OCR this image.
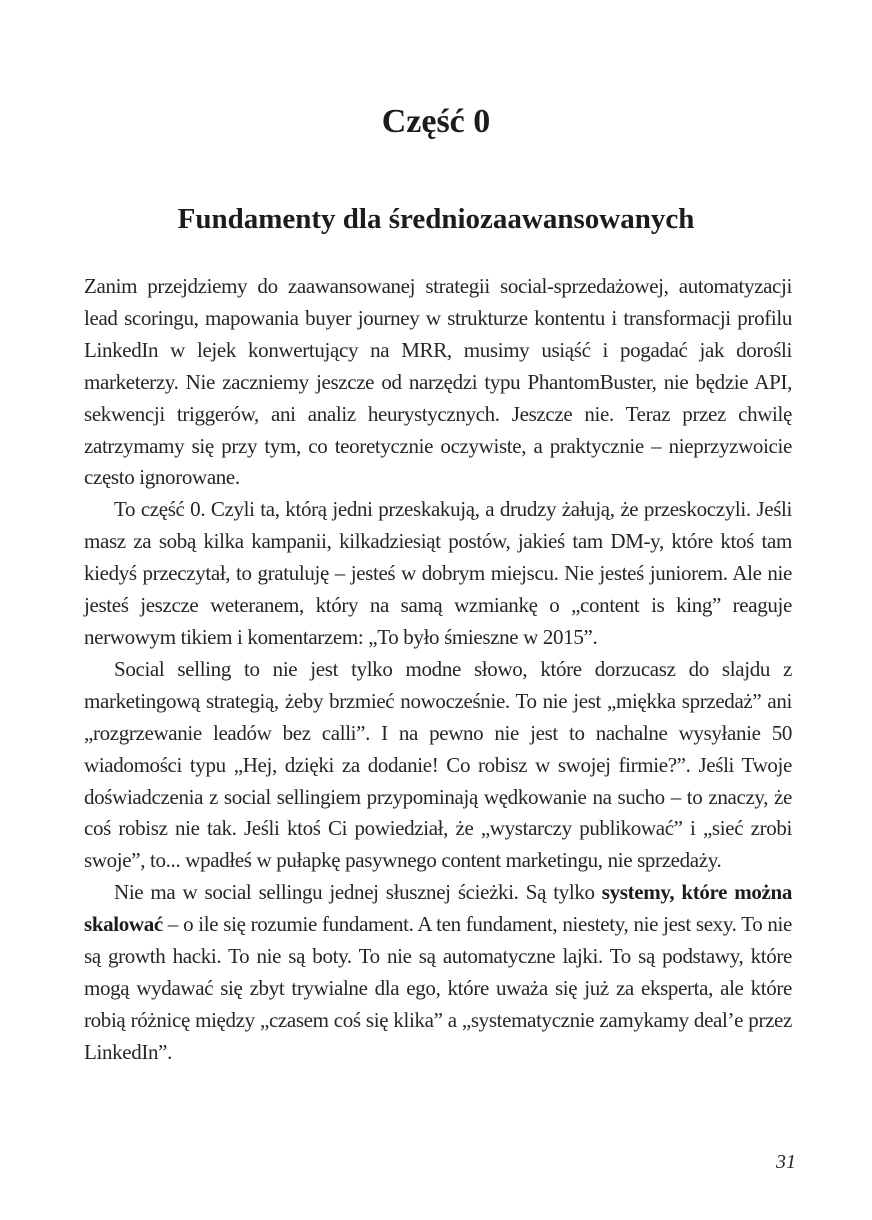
Część 0
Fundamenty dla średniozaawansowanych

Zanim przejdziemy do zaawansowanej strategii social-sprzedażowej, automatyzacji lead scoringu, mapowania buyer journey w strukturze kontentu i transformacji profilu LinkedIn w lejek konwertujący na MRR, musimy usiąść i pogadać jak dorośli marketerzy. Nie zaczniemy jeszcze od narzędzi typu PhantomBuster, nie będzie API, sekwencji triggerów, ani analiz heurystycznych. Jeszcze nie. Teraz przez chwilę zatrzymamy się przy tym, co teoretycznie oczywiste, a praktycznie – nieprzyzwoicie często ignorowane.

To część 0. Czyli ta, którą jedni przeskakują, a drudzy żałują, że przeskoczyli. Jeśli masz za sobą kilka kampanii, kilkadziesiąt postów, jakieś tam DM-y, które ktoś tam kiedyś przeczytał, to gratuluję – jesteś w dobrym miejscu. Nie jesteś juniorem. Ale nie jesteś jeszcze weteranem, który na samą wzmiankę o „content is king” reaguje nerwowym tikiem i komentarzem: „To było śmieszne w 2015”.

Social selling to nie jest tylko modne słowo, które dorzucasz do slajdu z marketingową strategią, żeby brzmieć nowocześnie. To nie jest „miękka sprzedaż” ani „rozgrzewanie leadów bez calli”. I na pewno nie jest to nachalne wysyłanie 50 wiadomości typu „Hej, dzięki za dodanie! Co robisz w swojej firmie?”. Jeśli Twoje doświadczenia z social sellingiem przypominają wędkowanie na sucho – to znaczy, że coś robisz nie tak. Jeśli ktoś Ci powiedział, że „wystarczy publikować” i „sieć zrobi swoje”, to... wpadłeś w pułapkę pasywnego content marketingu, nie sprzedaży.

Nie ma w social sellingu jednej słusznej ścieżki. Są tylko systemy, które można skalować – o ile się rozumie fundament. A ten fundament, niestety, nie jest sexy. To nie są growth hacki. To nie są boty. To nie są automatyczne lajki. To są podstawy, które mogą wydawać się zbyt trywialne dla ego, które uważa się już za eksperta, ale które robią różnicę między „czasem coś się klika” a „systematycznie zamykamy deal’e przez LinkedIn”.

31
